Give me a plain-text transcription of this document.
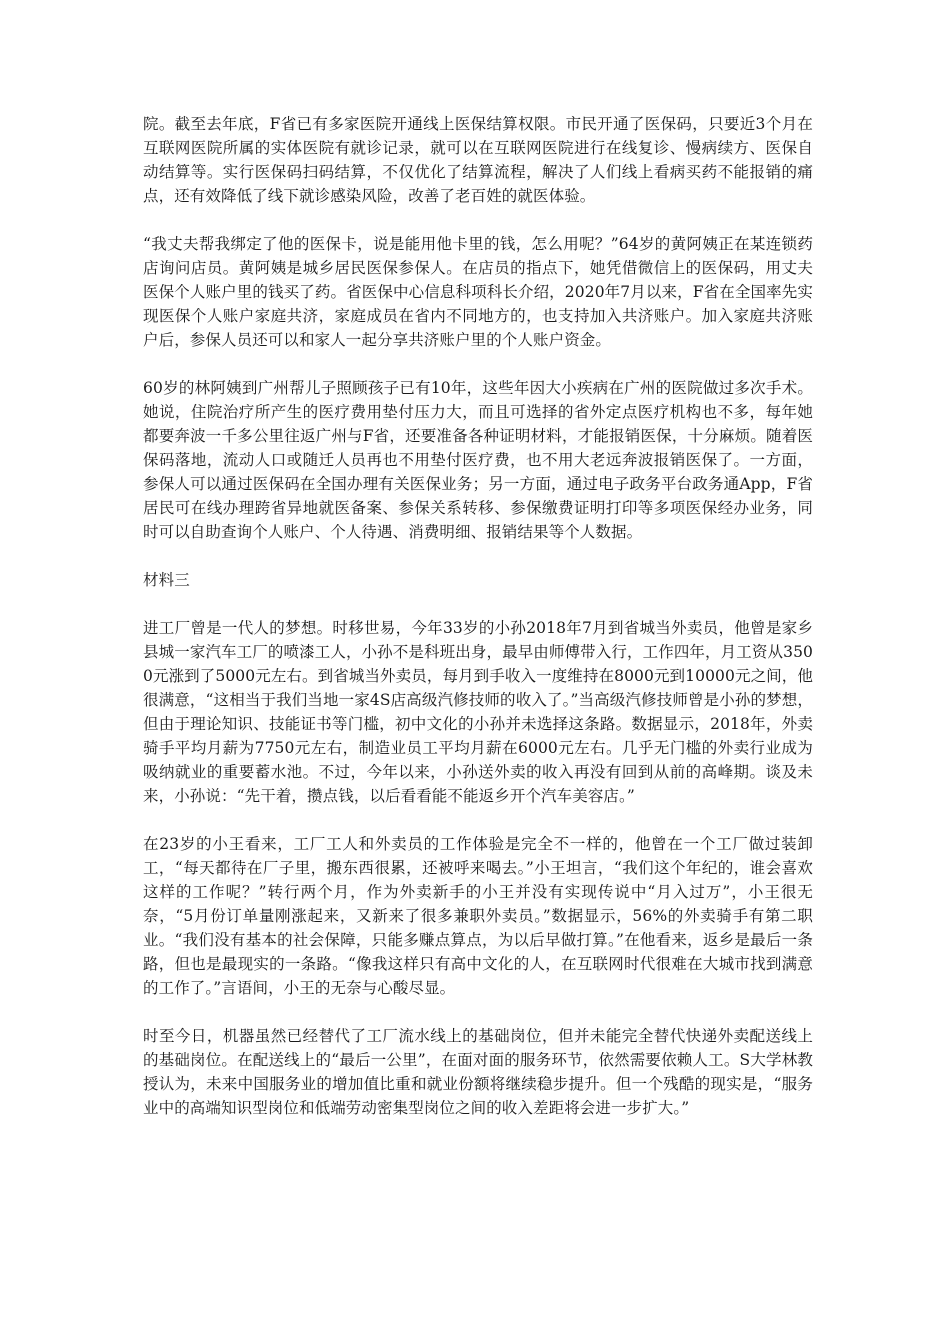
院。截至去年底，F省已有多家医院开通线上医保结算权限。市民开通了医保码，只要近3个月在互联网医院所属的实体医院有就诊记录，就可以在互联网医院进行在线复诊、慢病续方、医保自动结算等。实行医保码扫码结算，不仅优化了结算流程，解决了人们线上看病买药不能报销的痛点，还有效降低了线下就诊感染风险，改善了老百姓的就医体验。

“我丈夫帮我绑定了他的医保卡，说是能用他卡里的钱，怎么用呢？”64岁的黄阿姨正在某连锁药店询问店员。黄阿姨是城乡居民医保参保人。在店员的指点下，她凭借微信上的医保码，用丈夫医保个人账户里的钱买了药。省医保中心信息科项科长介绍，2020年7月以来，F省在全国率先实现医保个人账户家庭共济，家庭成员在省内不同地方的，也支持加入共济账户。加入家庭共济账户后，参保人员还可以和家人一起分享共济账户里的个人账户资金。

60岁的林阿姨到广州帮儿子照顾孩子已有10年，这些年因大小疾病在广州的医院做过多次手术。她说，住院治疗所产生的医疗费用垫付压力大，而且可选择的省外定点医疗机构也不多，每年她都要奔波一千多公里往返广州与F省，还要准备各种证明材料，才能报销医保，十分麻烦。随着医保码落地，流动人口或随迁人员再也不用垫付医疗费，也不用大老远奔波报销医保了。一方面，参保人可以通过医保码在全国办理有关医保业务；另一方面，通过电子政务平台政务通App，F省居民可在线办理跨省异地就医备案、参保关系转移、参保缴费证明打印等多项医保经办业务，同时可以自助查询个人账户、个人待遇、消费明细、报销结果等个人数据。

材料三

进工厂曾是一代人的梦想。时移世易，今年33岁的小孙2018年7月到省城当外卖员，他曾是家乡县城一家汽车工厂的喷漆工人，小孙不是科班出身，最早由师傅带入行，工作四年，月工资从3500元涨到了5000元左右。到省城当外卖员，每月到手收入一度维持在8000元到10000元之间，他很满意，“这相当于我们当地一家4S店高级汽修技师的收入了。”当高级汽修技师曾是小孙的梦想，但由于理论知识、技能证书等门槛，初中文化的小孙并未选择这条路。数据显示，2018年，外卖骑手平均月薪为7750元左右，制造业员工平均月薪在6000元左右。几乎无门槛的外卖行业成为吸纳就业的重要蓄水池。不过，今年以来，小孙送外卖的收入再没有回到从前的高峰期。谈及未来，小孙说：“先干着，攒点钱，以后看看能不能返乡开个汽车美容店。”

在23岁的小王看来，工厂工人和外卖员的工作体验是完全不一样的，他曾在一个工厂做过装卸工，“每天都待在厂子里，搬东西很累，还被呼来喝去。”小王坦言，“我们这个年纪的，谁会喜欢这样的工作呢？”转行两个月，作为外卖新手的小王并没有实现传说中“月入过万”，小王很无奈，“5月份订单量刚涨起来，又新来了很多兼职外卖员。”数据显示，56%的外卖骑手有第二职业。“我们没有基本的社会保障，只能多赚点算点，为以后早做打算。”在他看来，返乡是最后一条路，但也是最现实的一条路。“像我这样只有高中文化的人，在互联网时代很难在大城市找到满意的工作了。”言语间，小王的无奈与心酸尽显。

时至今日，机器虽然已经替代了工厂流水线上的基础岗位，但并未能完全替代快递外卖配送线上的基础岗位。在配送线上的“最后一公里”，在面对面的服务环节，依然需要依赖人工。S大学林教授认为，未来中国服务业的增加值比重和就业份额将继续稳步提升。但一个残酷的现实是，“服务业中的高端知识型岗位和低端劳动密集型岗位之间的收入差距将会进一步扩大。”
